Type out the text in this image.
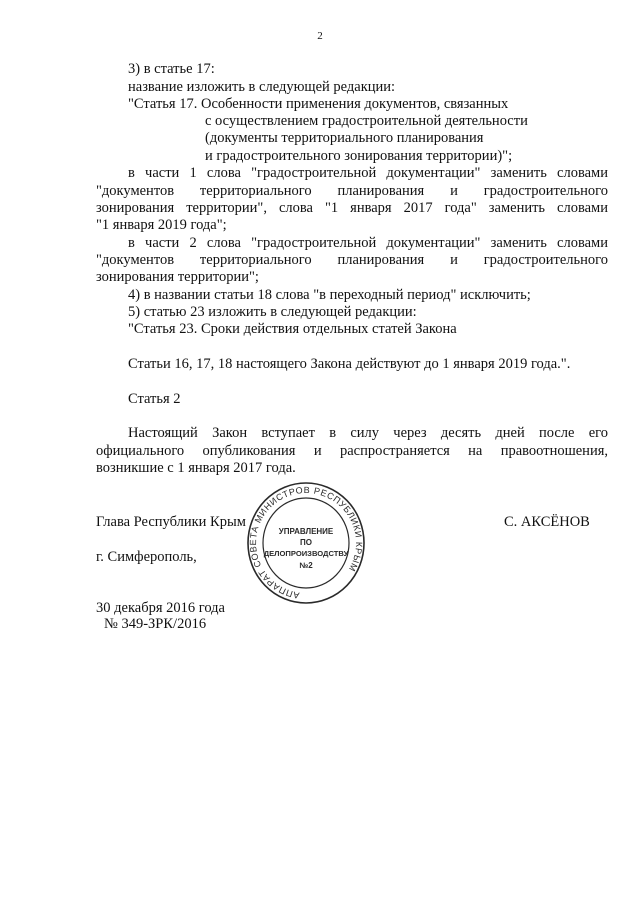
2
3) в статье 17:
название изложить в следующей редакции:
"Статья 17. Особенности применения документов, связанных
с осуществлением градостроительной деятельности
(документы территориального планирования
и градостроительного зонирования территории)";
в части 1 слова "градостроительной документации" заменить словами
"документов территориального планирования и градостроительного
зонирования территории", слова "1 января 2017 года" заменить словами
"1 января 2019 года";
в части 2 слова "градостроительной документации" заменить словами
"документов территориального планирования и градостроительного
зонирования территории";
4) в названии статьи 18 слова "в переходный период" исключить;
5) статью 23 изложить в следующей редакции:
"Статья 23. Сроки действия отдельных статей Закона
Статьи 16, 17, 18 настоящего Закона действуют до 1 января 2019 года.".
Статья 2
Настоящий Закон вступает в силу через десять дней после его
официального опубликования и распространяется на правоотношения,
возникшие с 1 января 2017 года.
Глава Республики Крым	С. АКСЁНОВ
г. Симферополь,
30 декабря 2016 года
№ 349-ЗРК/2016
АППАРАТ СОВЕТА МИНИСТРОВ РЕСПУБЛИКИ КРЫМ
УПРАВЛЕНИЕ
ПО
ДЕЛОПРОИЗВОДСТВУ
№2
